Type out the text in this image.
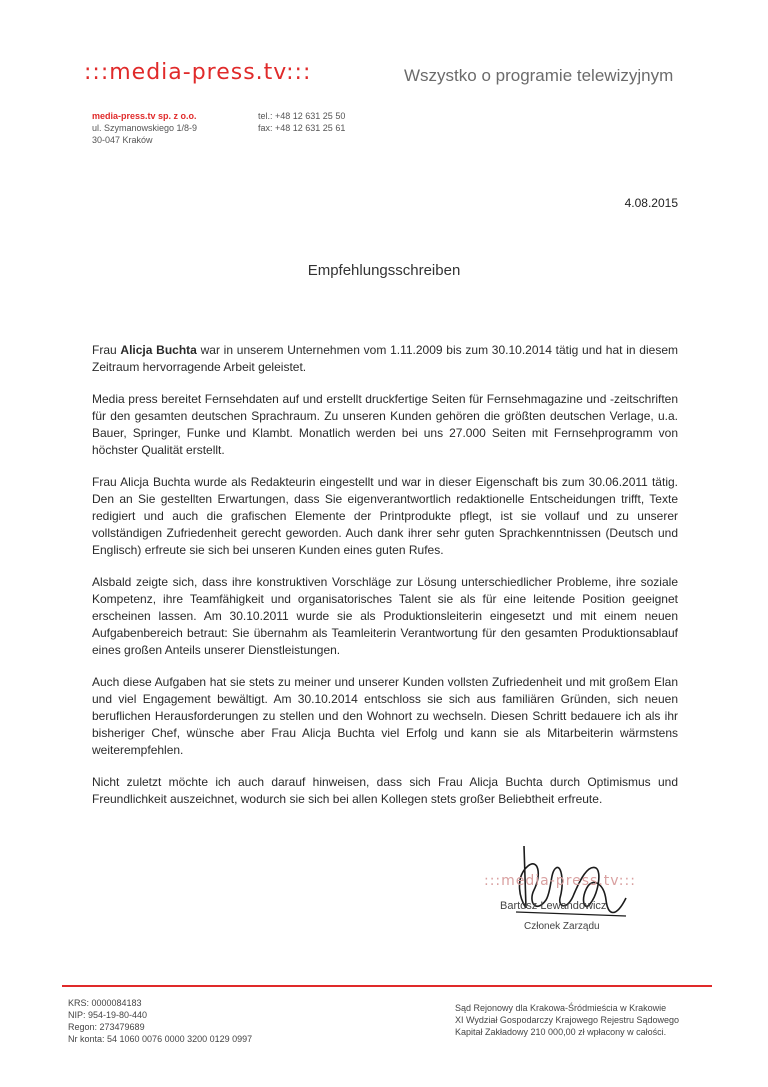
:::media-press.tv:::	Wszystko o programie telewizyjnym
media-press.tv sp. z o.o.
ul. Szymanowskiego 1/8-9
30-047 Kraków
tel.: +48 12 631 25 50
fax: +48 12 631 25 61
4.08.2015
Empfehlungsschreiben

Frau Alicja Buchta war in unserem Unternehmen vom 1.11.2009 bis zum 30.10.2014 tätig und hat in diesem Zeitraum hervorragende Arbeit geleistet.

Media press bereitet Fernsehdaten auf und erstellt druckfertige Seiten für Fernsehmagazine und -zeitschriften für den gesamten deutschen Sprachraum. Zu unseren Kunden gehören die größten deutschen Verlage, u.a. Bauer, Springer, Funke und Klambt. Monatlich werden bei uns 27.000 Seiten mit Fernsehprogramm von höchster Qualität erstellt.

Frau Alicja Buchta wurde als Redakteurin eingestellt und war in dieser Eigenschaft bis zum 30.06.2011 tätig. Den an Sie gestellten Erwartungen, dass Sie eigenverantwortlich redaktionelle Entscheidungen trifft, Texte redigiert und auch die grafischen Elemente der Printprodukte pflegt, ist sie vollauf und zu unserer vollständigen Zufriedenheit gerecht geworden. Auch dank ihrer sehr guten Sprachkenntnissen (Deutsch und Englisch) erfreute sie sich bei unseren Kunden eines guten Rufes.

Alsbald zeigte sich, dass ihre konstruktiven Vorschläge zur Lösung unterschiedlicher Probleme, ihre soziale Kompetenz, ihre Teamfähigkeit und organisatorisches Talent sie als für eine leitende Position geeignet erscheinen lassen. Am 30.10.2011 wurde sie als Produktionsleiterin eingesetzt und mit einem neuen Aufgabenbereich betraut: Sie übernahm als Teamleiterin Verantwortung für den gesamten Produktionsablauf eines großen Anteils unserer Dienstleistungen.

Auch diese Aufgaben hat sie stets zu meiner und unserer Kunden vollsten Zufriedenheit und mit großem Elan und viel Engagement bewältigt. Am 30.10.2014 entschloss sie sich aus familiären Gründen, sich neuen beruflichen Herausforderungen zu stellen und den Wohnort zu wechseln. Diesen Schritt bedauere ich als ihr bisheriger Chef, wünsche aber Frau Alicja Buchta viel Erfolg und kann sie als Mitarbeiterin wärmstens weiterempfehlen.

Nicht zuletzt möchte ich auch darauf hinweisen, dass sich Frau Alicja Buchta durch Optimismus und Freundlichkeit auszeichnet, wodurch sie sich bei allen Kollegen stets großer Beliebtheit erfreute.

:::media-press.tv:::
Bartosz Lewandowicz
Członek Zarządu
KRS: 0000084183
NIP: 954-19-80-440
Regon: 273479689
Nr konta: 54 1060 0076 0000 3200 0129 0997
Sąd Rejonowy dla Krakowa-Śródmieścia w Krakowie
XI Wydział Gospodarczy Krajowego Rejestru Sądowego
Kapitał Zakładowy 210 000,00 zł wpłacony w całości.
